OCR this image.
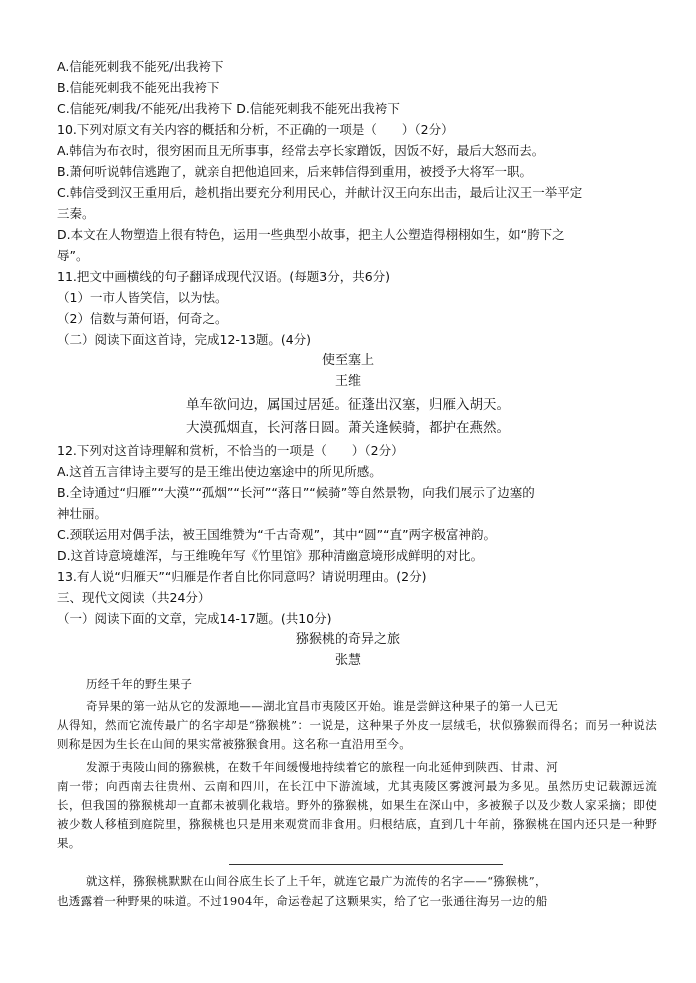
A.信能死刺我不能死/出我袴下
B.信能死刺我不能死出我袴下
C.信能死/刺我/不能死/出我袴下 D.信能死刺我不能死出我袴下
10.下列对原文有关内容的概括和分析，不正确的一项是（　　）（2分）
A.韩信为布衣时，很穷困而且无所事事，经常去亭长家蹭饭，因饭不好，最后大怒而去。
B.萧何听说韩信逃跑了，就亲自把他追回来，后来韩信得到重用，被授予大将军一职。
C.韩信受到汉王重用后，趁机指出要充分利用民心，并献计汉王向东出击，最后让汉王一举平定
三秦。
D.本文在人物塑造上很有特色，运用一些典型小故事，把主人公塑造得栩栩如生，如“胯下之
辱”。
11.把文中画横线的句子翻译成现代汉语。(每题3分，共6分)
（1）一市人皆笑信，以为怯。
（2）信数与萧何语，何奇之。
（二）阅读下面这首诗，完成12-13题。(4分)
使至塞上
王维
单车欲问边，属国过居延。征蓬出汉塞，归雁入胡天。
大漠孤烟直，长河落日圆。萧关逢候骑，都护在燕然。
12.下列对这首诗理解和赏析，不恰当的一项是（　　）（2分）
A.这首五言律诗主要写的是王维出使边塞途中的所见所感。
B.全诗通过“归雁”“大漠”“孤烟”“长河”“落日”“候骑”等自然景物，向我们展示了边塞的
神壮丽。
C.颈联运用对偶手法，被王国维赞为“千古奇观”，其中“圆”“直”两字极富神韵。
D.这首诗意境雄浑，与王维晚年写《竹里馆》那种清幽意境形成鲜明的对比。
13.有人说“归雁天”“归雁是作者自比你同意吗？请说明理由。(2分)
三、现代文阅读（共24分）
（一）阅读下面的文章，完成14-17题。(共10分)
猕猴桃的奇异之旅
张慧
历经千年的野生果子
奇异果的第一站从它的发源地——湖北宜昌市夷陵区开始。谁是尝鲜这种果子的第一人已无
从得知，然而它流传最广的名字却是“猕猴桃”：一说是，这种果子外皮一层绒毛，状似猕猴而得名；而另一种说法则称是因为生长在山间的果实常被猕猴食用。这名称一直沿用至今。
发源于夷陵山间的猕猴桃，在数千年间缓慢地持续着它的旅程一向北延伸到陕西、甘肃、河
南一带；向西南去往贵州、云南和四川，在长江中下游流域，尤其夷陵区雾渡河最为多见。虽然历史记载源远流长，但我国的猕猴桃却一直都未被驯化栽培。野外的猕猴桃，如果生在深山中，多被猴子以及少数人家采摘；即使被少数人移植到庭院里，猕猴桃也只是用来观赏而非食用。归根结底，直到几十年前，猕猴桃在国内还只是一种野果。
就这样，猕猴桃默默在山间谷底生长了上千年，就连它最广为流传的名字——“猕猴桃”，
也透露着一种野果的味道。不过1904年，命运卷起了这颗果实，给了它一张通往海另一边的船
